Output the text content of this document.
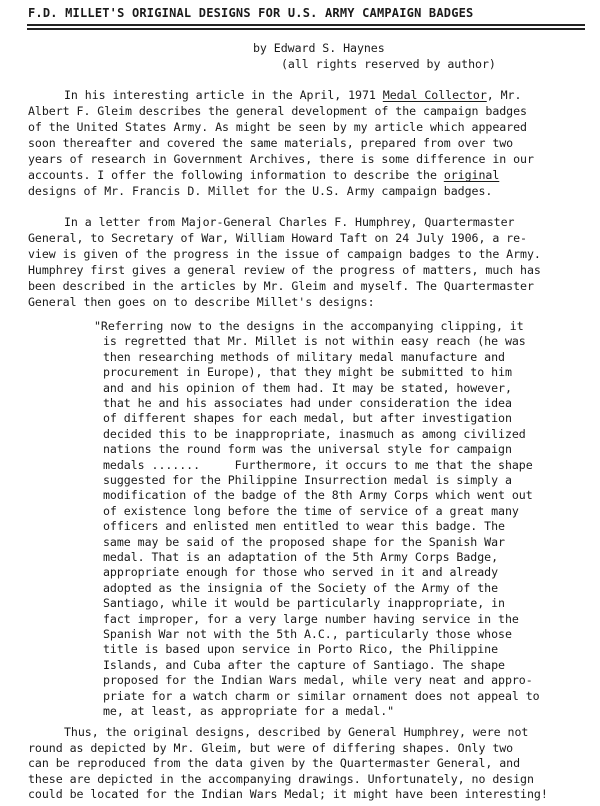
F.D. MILLET'S ORIGINAL DESIGNS FOR U.S. ARMY CAMPAIGN BADGES
by Edward S. Haynes
(all rights reserved by author)
In his interesting article in the April, 1971 Medal Collector, Mr.
Albert F. Gleim describes the general development of the campaign badges
of the United States Army. As might be seen by my article which appeared
soon thereafter and covered the same materials, prepared from over two
years of research in Government Archives, there is some difference in our
accounts. I offer the following information to describe the original
designs of Mr. Francis D. Millet for the U.S. Army campaign badges.
In a letter from Major-General Charles F. Humphrey, Quartermaster
General, to Secretary of War, William Howard Taft on 24 July 1906, a re-
view is given of the progress in the issue of campaign badges to the Army.
Humphrey first gives a general review of the progress of matters, much has
been described in the articles by Mr. Gleim and myself. The Quartermaster
General then goes on to describe Millet's designs:
"Referring now to the designs in the accompanying clipping, it
is regretted that Mr. Millet is not within easy reach (he was
then researching methods of military medal manufacture and
procurement in Europe), that they might be submitted to him
and and his opinion of them had. It may be stated, however,
that he and his associates had under consideration the idea
of different shapes for each medal, but after investigation
decided this to be inappropriate, inasmuch as among civilized
nations the round form was the universal style for campaign
medals .......     Furthermore, it occurs to me that the shape
suggested for the Philippine Insurrection medal is simply a
modification of the badge of the 8th Army Corps which went out
of existence long before the time of service of a great many
officers and enlisted men entitled to wear this badge. The
same may be said of the proposed shape for the Spanish War
medal. That is an adaptation of the 5th Army Corps Badge,
appropriate enough for those who served in it and already
adopted as the insignia of the Society of the Army of the
Santiago, while it would be particularly inappropriate, in
fact improper, for a very large number having service in the
Spanish War not with the 5th A.C., particularly those whose
title is based upon service in Porto Rico, the Philippine
Islands, and Cuba after the capture of Santiago. The shape
proposed for the Indian Wars medal, while very neat and appro-
priate for a watch charm or similar ornament does not appeal to
me, at least, as appropriate for a medal."
Thus, the original designs, described by General Humphrey, were not
round as depicted by Mr. Gleim, but were of differing shapes. Only two
can be reproduced from the data given by the Quartermaster General, and
these are depicted in the accompanying drawings. Unfortunately, no design
could be located for the Indian Wars Medal; it might have been interesting!
